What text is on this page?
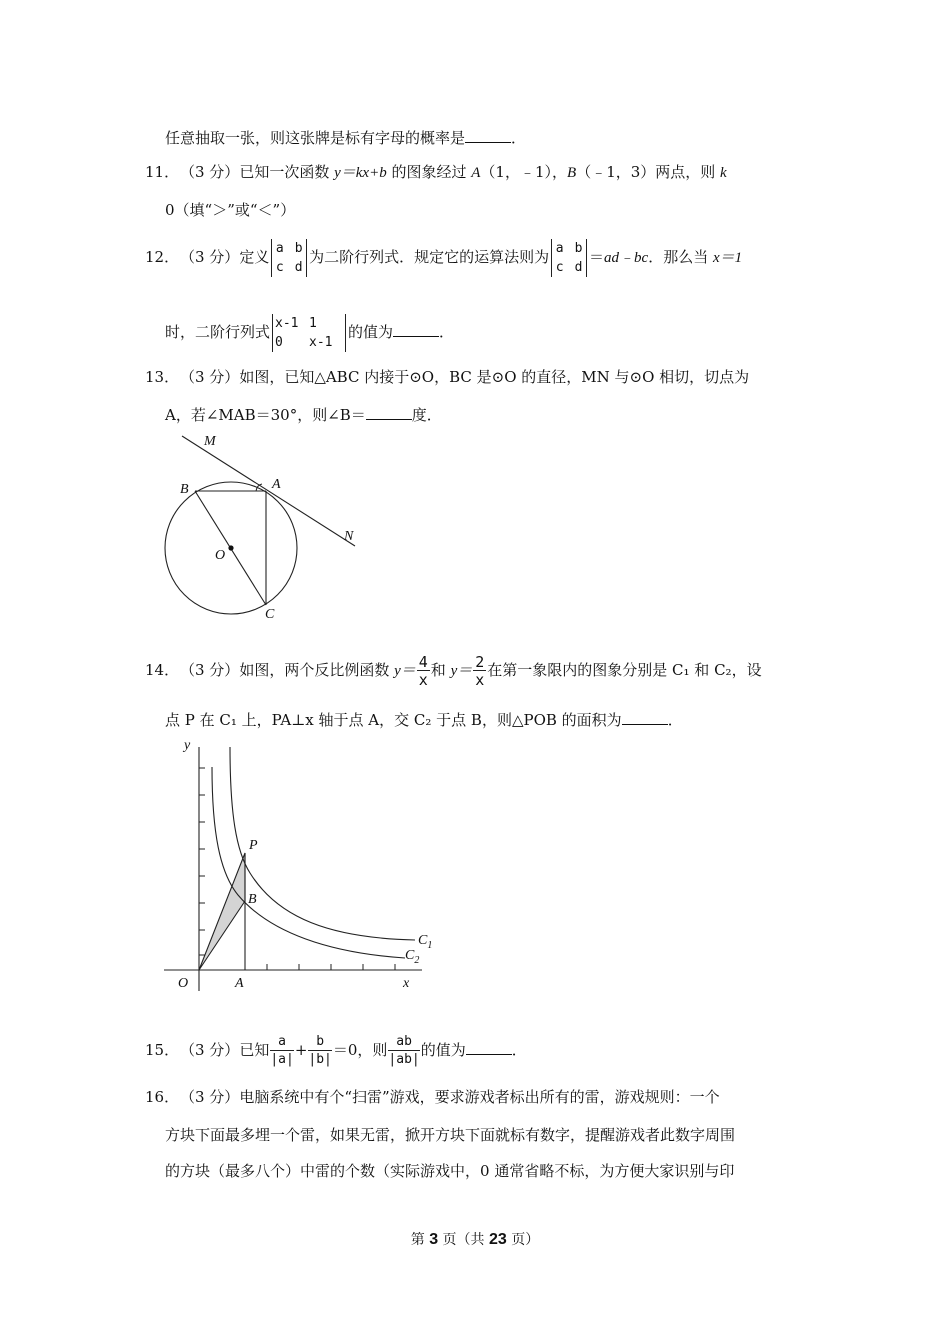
任意抽取一张，则这张牌是标有字母的概率是	．
11． （3 分）已知一次函数 y＝kx+b 的图象经过 A（1，﹣1），B（﹣1，3）两点，则 k
0（填“＞”或“＜”）
12． （3 分）定义 a b
c d
为二阶行列式．规定它的运算法则为 a b
c d
＝ad﹣bc．那么当 x＝1
时，二阶行列式 x-1 1
0 x-1
的值为	．
13． （3 分）如图，已知△ABC 内接于⊙O，BC 是⊙O 的直径，MN 与⊙O 相切，切点为
A，若∠MAB＝30°，则∠B＝	度．
M
A
B
N
O
C
14． （3 分）如图，两个反比例函数 $y= \frac{4}{x}$ 和 $y= \frac{2}{x}$ 在第一象限内的图象分别是 C₁ 和 C₂，设
点 P 在 C₁ 上，PA⊥x 轴于点 A，交 C₂ 于点 B，则△POB 的面积为	．
y
x
O	A
P
B
$C_1$
$C_2$
15． （3 分）已知 $\frac{a}{|a|} + \frac{b}{|b|} =0$，则 $\frac{ab}{|ab|}$ 的值为	．
16． （3 分）电脑系统中有个“扫雷”游戏，要求游戏者标出所有的雷，游戏规则：一个
方块下面最多埋一个雷，如果无雷，掀开方块下面就标有数字，提醒游戏者此数字周围
的方块（最多八个）中雷的个数（实际游戏中，0 通常省略不标，为方便大家识别与印
第 3 页（共 23 页）
